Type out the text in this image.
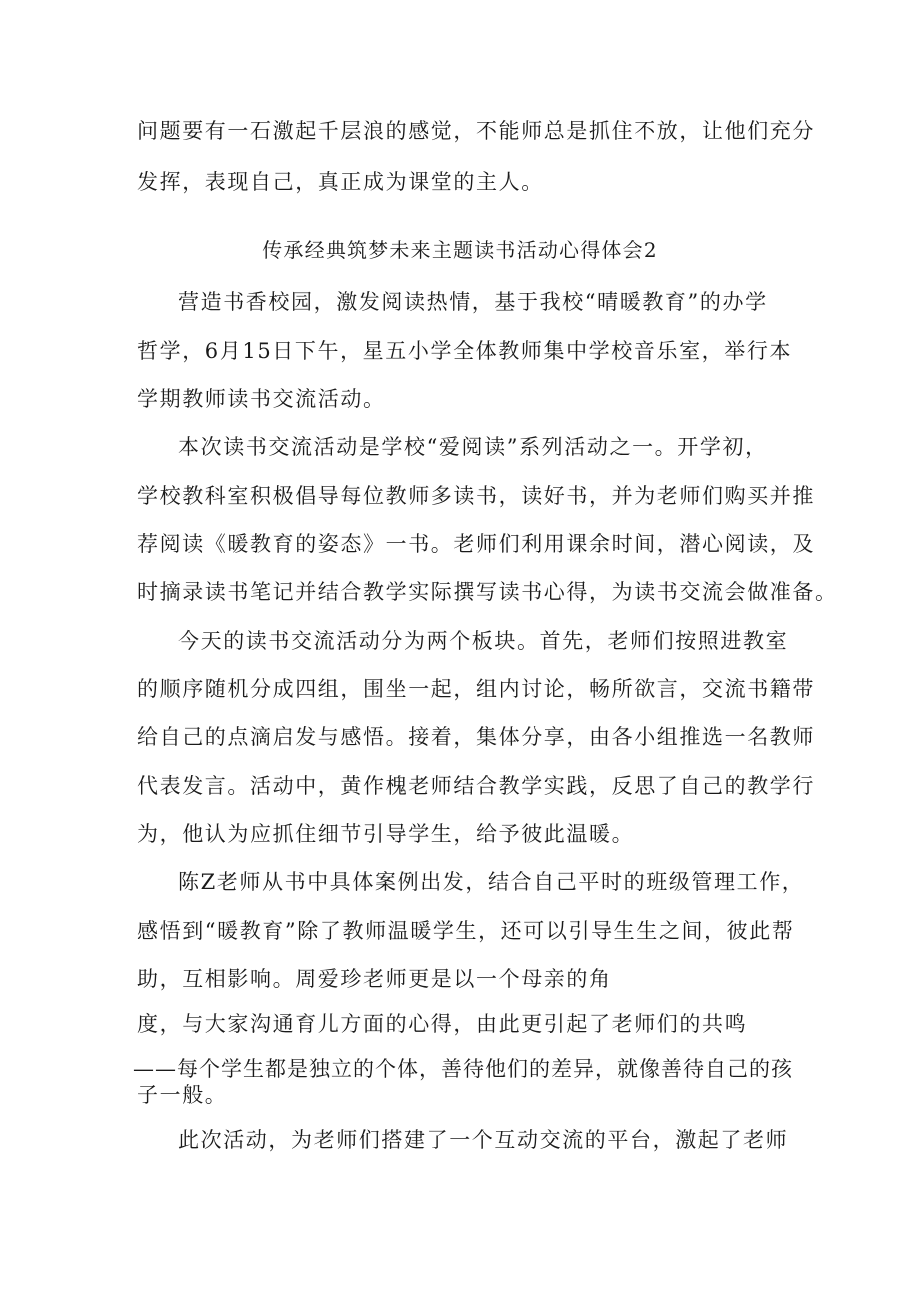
问题要有一石激起千层浪的感觉，不能师总是抓住不放，让他们充分
发挥，表现自己，真正成为课堂的主人。
传承经典筑梦未来主题读书活动心得体会2
营造书香校园，激发阅读热情，基于我校“晴暖教育”的办学
哲学，6月15日下午，星五小学全体教师集中学校音乐室，举行本
学期教师读书交流活动。
本次读书交流活动是学校“爱阅读”系列活动之一。开学初，
学校教科室积极倡导每位教师多读书，读好书，并为老师们购买并推
荐阅读《暖教育的姿态》一书。老师们利用课余时间，潜心阅读，及
时摘录读书笔记并结合教学实际撰写读书心得，为读书交流会做准备。
今天的读书交流活动分为两个板块。首先，老师们按照进教室
的顺序随机分成四组，围坐一起，组内讨论，畅所欲言，交流书籍带
给自己的点滴启发与感悟。接着，集体分享，由各小组推选一名教师
代表发言。活动中，黄作槐老师结合教学实践，反思了自己的教学行
为，他认为应抓住细节引导学生，给予彼此温暖。
陈Z老师从书中具体案例出发，结合自己平时的班级管理工作，
感悟到“暖教育”除了教师温暖学生，还可以引导生生之间，彼此帮
助，互相影响。周爱珍老师更是以一个母亲的角
度，与大家沟通育儿方面的心得，由此更引起了老师们的共鸣
——每个学生都是独立的个体，善待他们的差异，就像善待自己的孩
子一般。
此次活动，为老师们搭建了一个互动交流的平台，激起了老师
